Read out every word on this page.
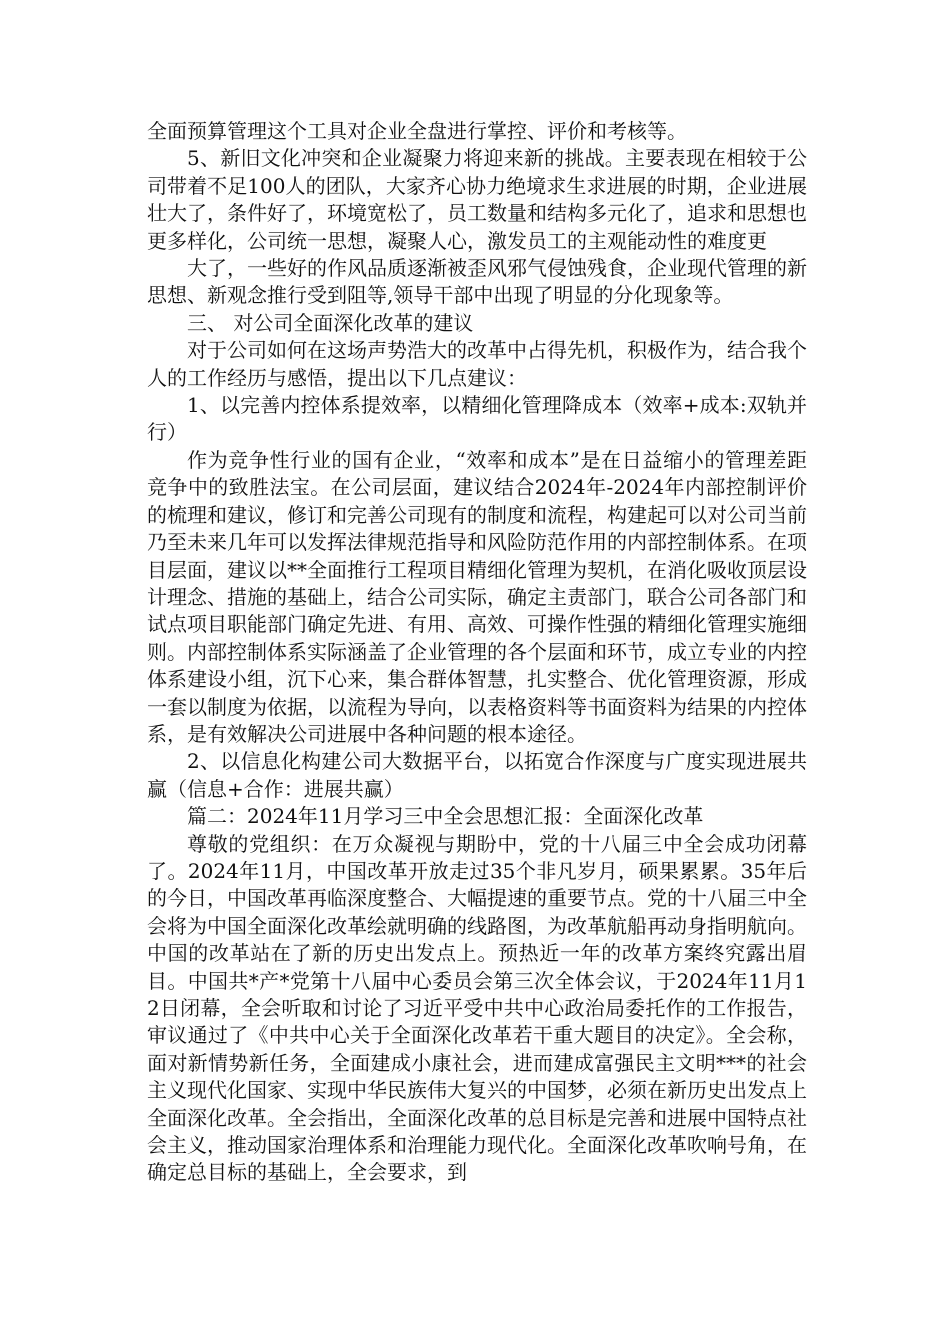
全面预算管理这个工具对企业全盘进行掌控、评价和考核等。

5、新旧文化冲突和企业凝聚力将迎来新的挑战。主要表现在相较于公司带着不足100人的团队，大家齐心协力绝境求生求进展的时期，企业进展壮大了，条件好了，环境宽松了，员工数量和结构多元化了，追求和思想也更多样化，公司统一思想，凝聚人心，激发员工的主观能动性的难度更

大了，一些好的作风品质逐渐被歪风邪气侵蚀残食，企业现代管理的新思想、新观念推行受到阻等,领导干部中出现了明显的分化现象等。

三、 对公司全面深化改革的建议

对于公司如何在这场声势浩大的改革中占得先机，积极作为，结合我个人的工作经历与感悟，提出以下几点建议：

1、以完善内控体系提效率，以精细化管理降成本（效率+成本:双轨并行）

作为竞争性行业的国有企业，“效率和成本”是在日益缩小的管理差距竞争中的致胜法宝。在公司层面，建议结合2024年-2024年内部控制评价的梳理和建议，修订和完善公司现有的制度和流程，构建起可以对公司当前乃至未来几年可以发挥法律规范指导和风险防范作用的内部控制体系。在项目层面，建议以**全面推行工程项目精细化管理为契机，在消化吸收顶层设计理念、措施的基础上，结合公司实际，确定主责部门，联合公司各部门和试点项目职能部门确定先进、有用、高效、可操作性强的精细化管理实施细则。内部控制体系实际涵盖了企业管理的各个层面和环节，成立专业的内控体系建设小组，沉下心来，集合群体智慧，扎实整合、优化管理资源，形成一套以制度为依据，以流程为导向，以表格资料等书面资料为结果的内控体系，是有效解决公司进展中各种问题的根本途径。

2、以信息化构建公司大数据平台，以拓宽合作深度与广度实现进展共赢（信息+合作：进展共赢）

篇二：2024年11月学习三中全会思想汇报：全面深化改革

尊敬的党组织：在万众凝视与期盼中，党的十八届三中全会成功闭幕了。2024年11月，中国改革开放走过35个非凡岁月，硕果累累。35年后的今日，中国改革再临深度整合、大幅提速的重要节点。党的十八届三中全会将为中国全面深化改革绘就明确的线路图，为改革航船再动身指明航向。中国的改革站在了新的历史出发点上。预热近一年的改革方案终究露出眉目。中国共*产*党第十八届中心委员会第三次全体会议，于2024年11月12日闭幕，全会听取和讨论了习近平受中共中心政治局委托作的工作报告，审议通过了《中共中心关于全面深化改革若干重大题目的决定》。全会称，面对新情势新任务，全面建成小康社会，进而建成富强民主文明***的社会主义现代化国家、实现中华民族伟大复兴的中国梦，必须在新历史出发点上全面深化改革。全会指出，全面深化改革的总目标是完善和进展中国特点社会主义，推动国家治理体系和治理能力现代化。全面深化改革吹响号角，在确定总目标的基础上，全会要求，到
